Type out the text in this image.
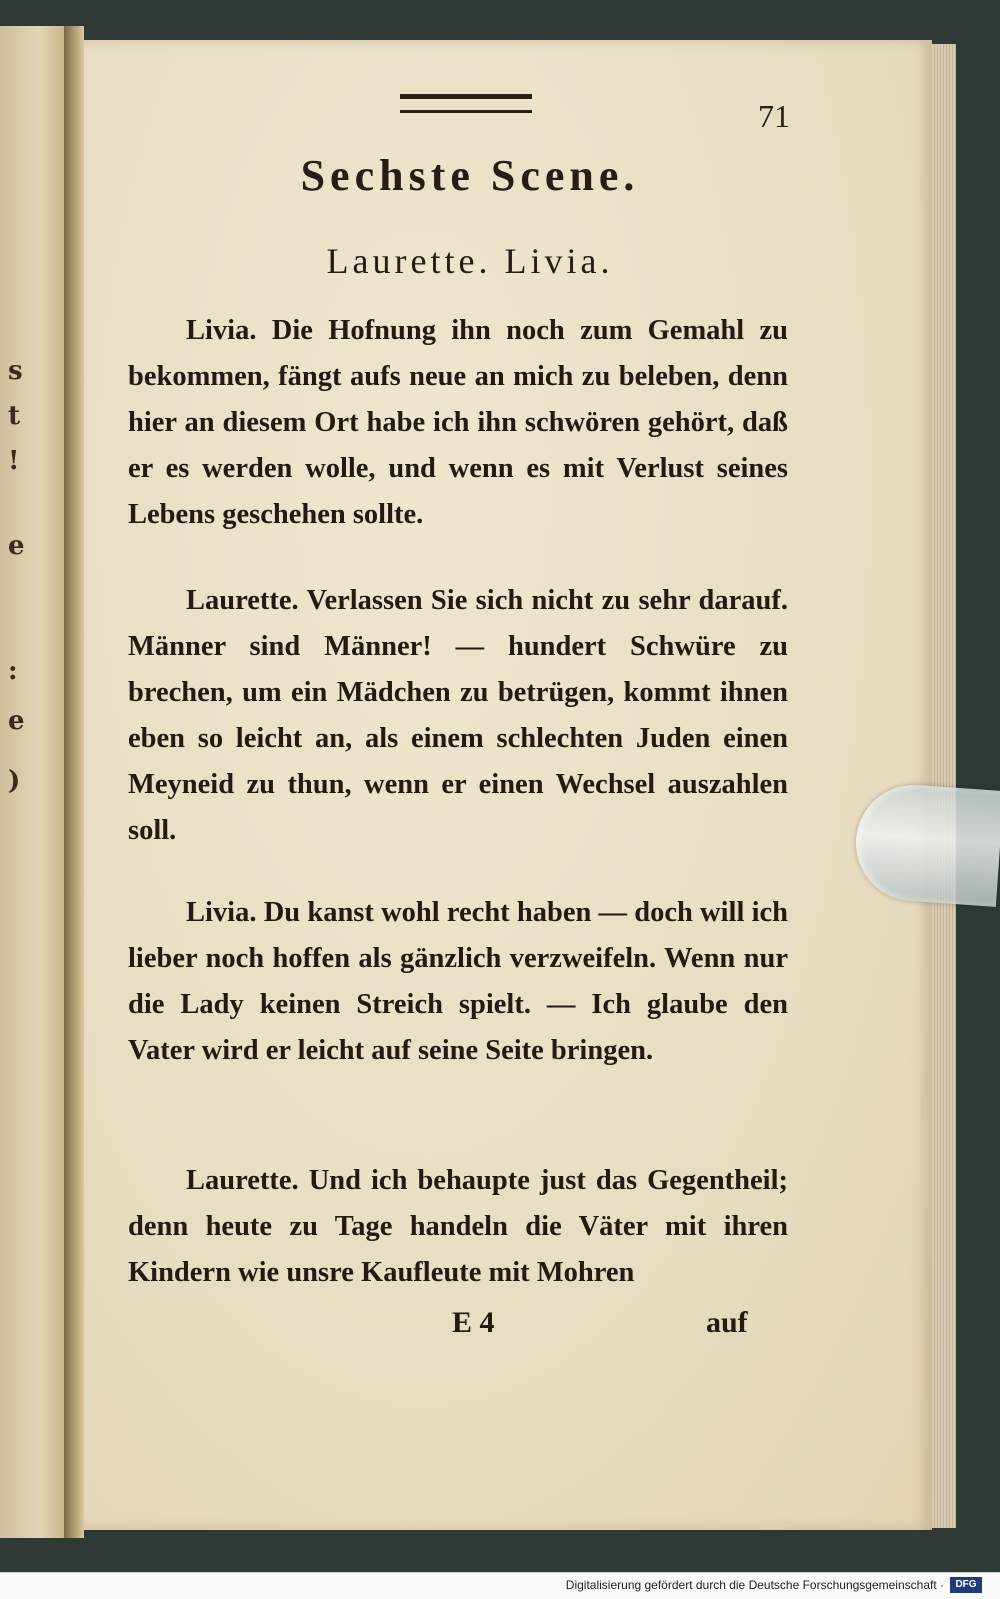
s
t
!
e
:
e
)
71
Sechste Scene.
Laurette. Livia.
Livia. Die Hofnung ihn noch zum Gemahl zu bekommen, fängt aufs neue an mich zu beleben, denn hier an diesem Ort habe ich ihn schwören gehört, daß er es werden wolle, und wenn es mit Verlust seines Lebens geschehen sollte.
Laurette. Verlassen Sie sich nicht zu sehr darauf. Männer sind Männer! — hundert Schwüre zu brechen, um ein Mädchen zu betrügen, kommt ihnen eben so leicht an, als einem schlechten Juden einen Meyneid zu thun, wenn er einen Wechsel auszahlen soll.
Livia. Du kanst wohl recht haben — doch will ich lieber noch hoffen als gänzlich verzweifeln. Wenn nur die Lady keinen Streich spielt. — Ich glaube den Vater wird er leicht auf seine Seite bringen.
Laurette. Und ich behaupte just das Gegentheil; denn heute zu Tage handeln die Väter mit ihren Kindern wie unsre Kaufleute mit Mohren
E 4	auf
Digitalisierung gefördert durch die Deutsche Forschungsgemeinschaft ·	DFG
